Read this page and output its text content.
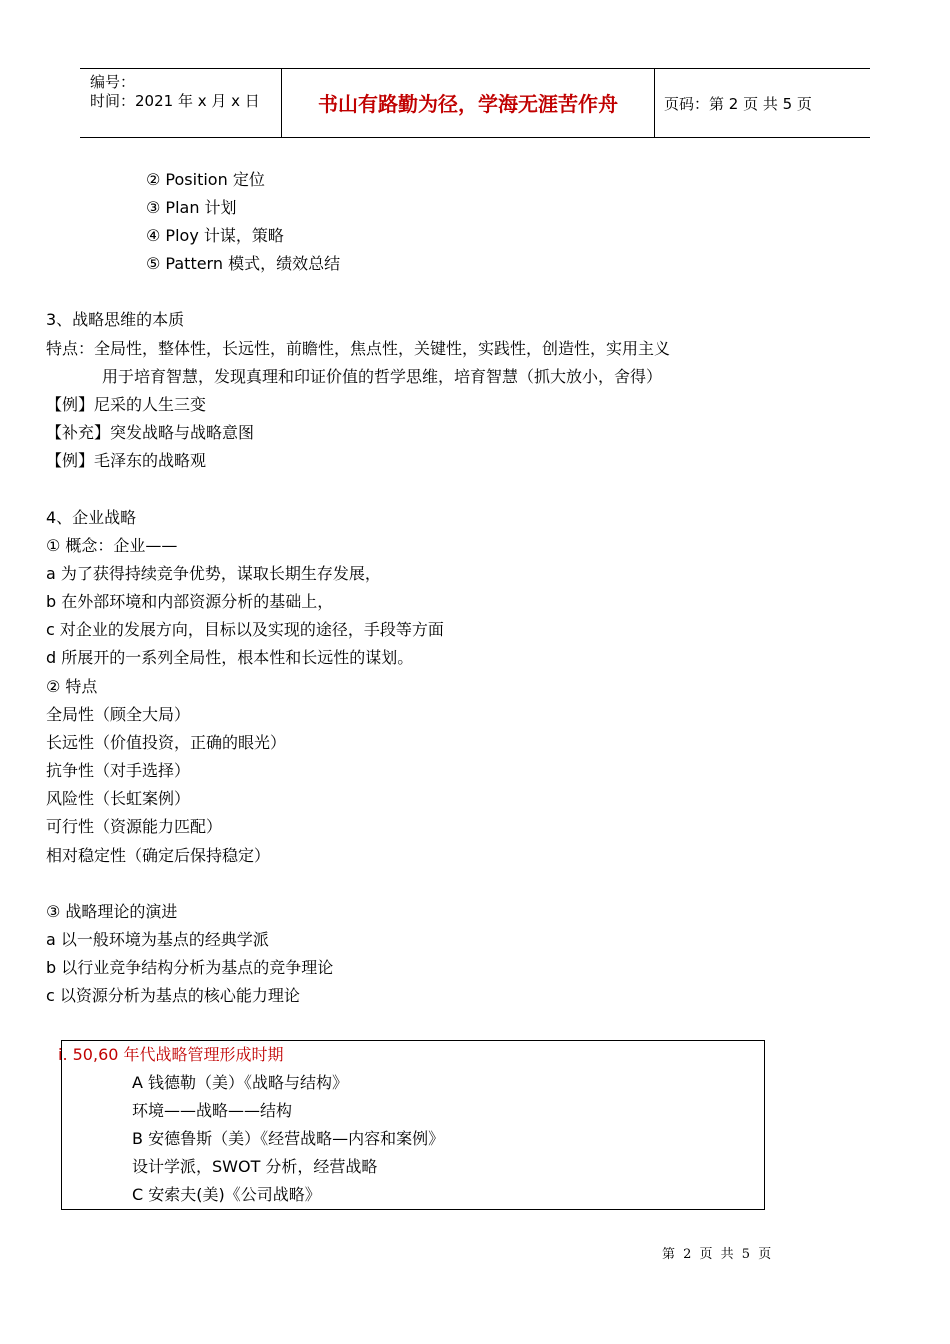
编号：
时间：2021 年 x 月 x 日	书山有路勤为径，学海无涯苦作舟	页码：第 2 页 共 5 页
② Position 定位
③ Plan 计划
④ Ploy 计谋，策略
⑤ Pattern 模式，绩效总结
3、战略思维的本质
特点：全局性，整体性，长远性，前瞻性，焦点性，关键性，实践性，创造性，实用主义
用于培育智慧，发现真理和印证价值的哲学思维，培育智慧（抓大放小，舍得）
【例】尼采的人生三变
【补充】突发战略与战略意图
【例】毛泽东的战略观
4、企业战略
① 概念：企业——
a 为了获得持续竞争优势，谋取长期生存发展，
b 在外部环境和内部资源分析的基础上，
c 对企业的发展方向，目标以及实现的途径，手段等方面
d 所展开的一系列全局性，根本性和长远性的谋划。
② 特点
全局性（顾全大局）
长远性（价值投资，正确的眼光）
抗争性（对手选择）
风险性（长虹案例）
可行性（资源能力匹配）
相对稳定性（确定后保持稳定）
③ 战略理论的演进
a 以一般环境为基点的经典学派
b 以行业竞争结构分析为基点的竞争理论
c 以资源分析为基点的核心能力理论
i. 50,60 年代战略管理形成时期
A 钱德勒（美）《战略与结构》
环境——战略——结构
B 安德鲁斯（美）《经营战略—内容和案例》
设计学派，SWOT 分析，经营战略
C 安索夫(美)《公司战略》
第 2 页 共 5 页
